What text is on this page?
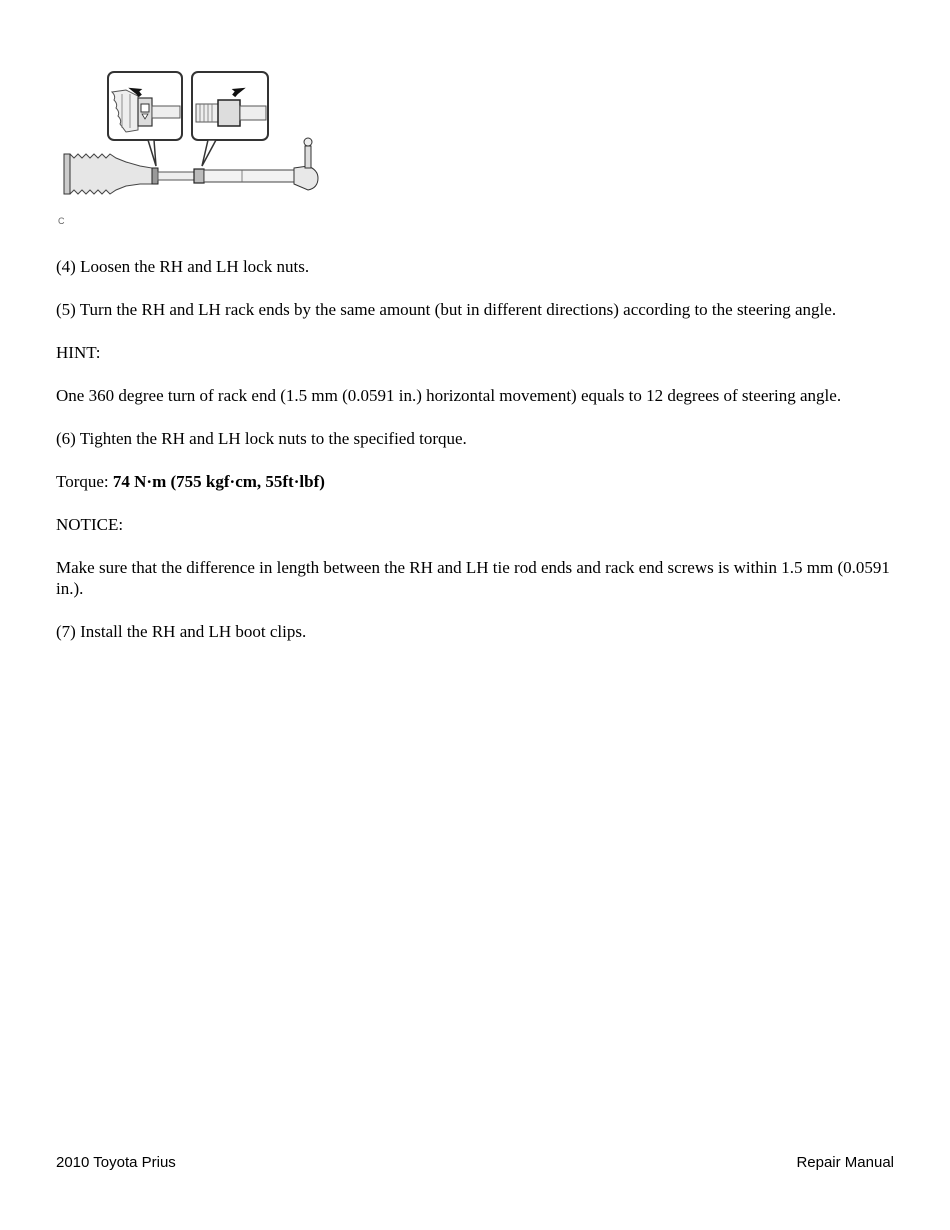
C

(4) Loosen the RH and LH lock nuts.

(5) Turn the RH and LH rack ends by the same amount (but in different directions) according to the steering angle.

HINT:

One 360 degree turn of rack end (1.5 mm (0.0591 in.) horizontal movement) equals to 12 degrees of steering angle.

(6) Tighten the RH and LH lock nuts to the specified torque.

Torque: 74 N·m (755 kgf·cm, 55ft·lbf)

NOTICE:

Make sure that the difference in length between the RH and LH tie rod ends and rack end screws is within 1.5 mm (0.0591 in.).

(7) Install the RH and LH boot clips.

2010 Toyota Prius	Repair Manual
